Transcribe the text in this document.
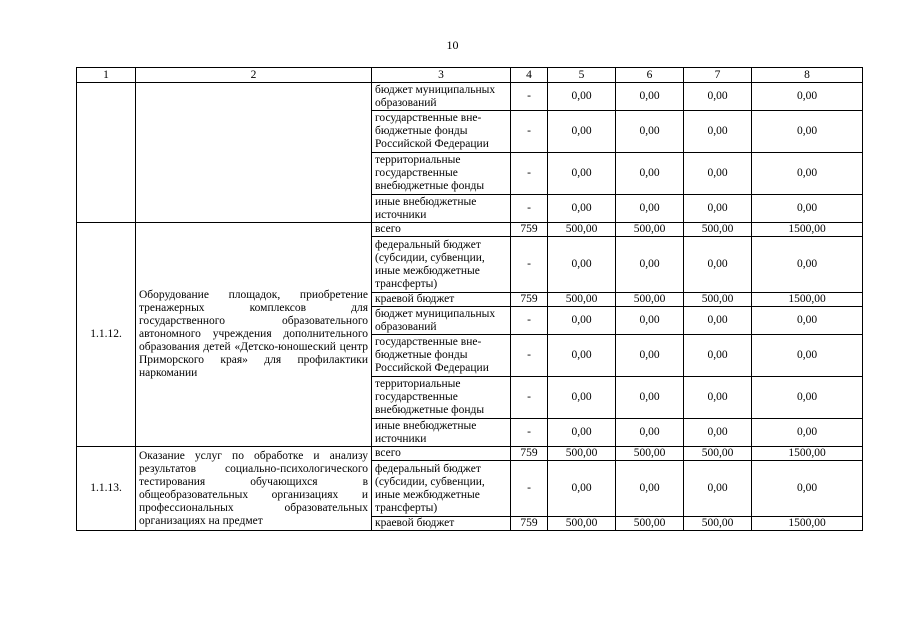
10
1	2	3	4	5	6	7	8
		бюджет муниципальных образований	-	0,00	0,00	0,00	0,00
		государственные вне-бюджетные фонды Российской Федерации	-	0,00	0,00	0,00	0,00
		территориальные государственные внебюджетные фонды	-	0,00	0,00	0,00	0,00
		иные внебюджетные источники	-	0,00	0,00	0,00	0,00
1.1.12.	Оборудование площадок, приобретение тренажерных комплексов для государственного образовательного автономного учреждения дополнительного образования детей «Детско-юношеский центр Приморского края» для профилактики наркомании	всего	759	500,00	500,00	500,00	1500,00
		федеральный бюджет (субсидии, субвенции, иные межбюджетные трансферты)	-	0,00	0,00	0,00	0,00
		краевой бюджет	759	500,00	500,00	500,00	1500,00
		бюджет муниципальных образований	-	0,00	0,00	0,00	0,00
		государственные вне-бюджетные фонды Российской Федерации	-	0,00	0,00	0,00	0,00
		территориальные государственные внебюджетные фонды	-	0,00	0,00	0,00	0,00
		иные внебюджетные источники	-	0,00	0,00	0,00	0,00
1.1.13.	Оказание услуг по обработке и анализу результатов социально-психологического тестирования обучающихся в общеобразовательных организациях и профессиональных образовательных организациях на предмет	всего	759	500,00	500,00	500,00	1500,00
		федеральный бюджет (субсидии, субвенции, иные межбюджетные трансферты)	-	0,00	0,00	0,00	0,00
		краевой бюджет	759	500,00	500,00	500,00	1500,00
